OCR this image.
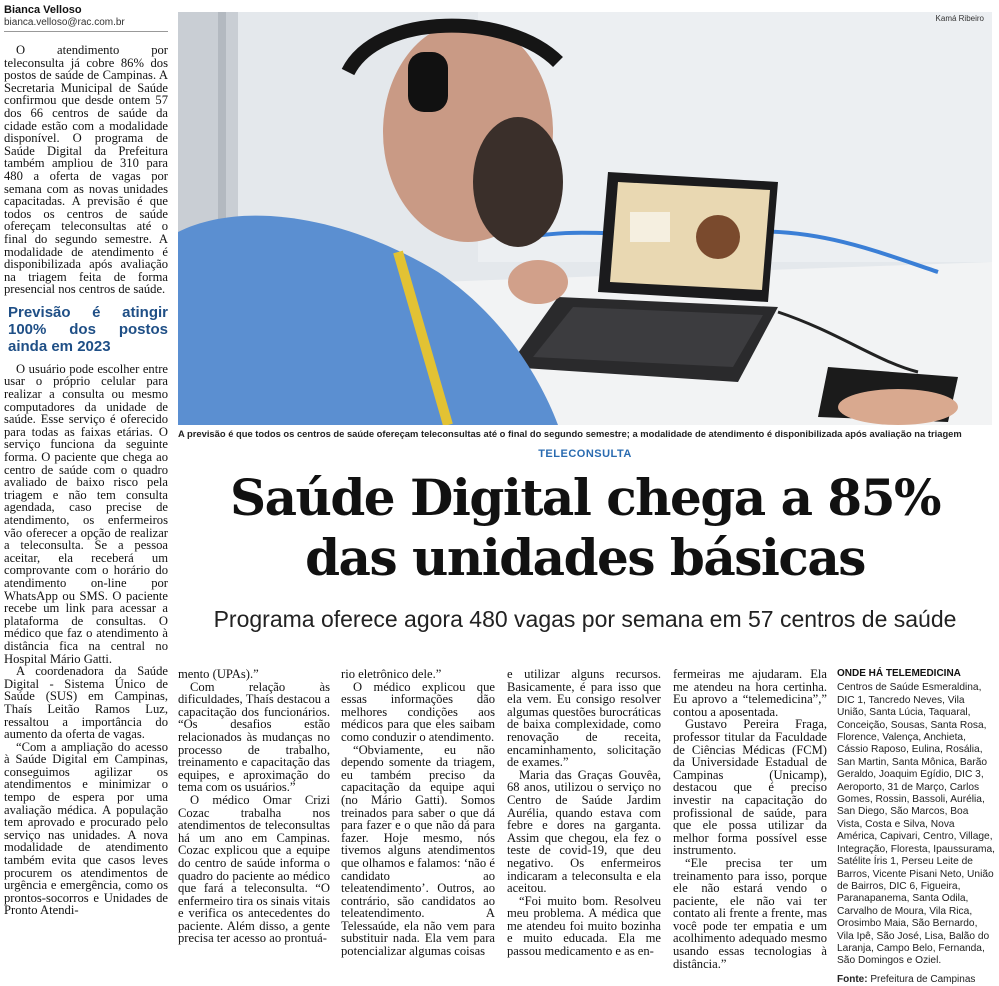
Bianca Velloso
bianca.velloso@rac.com.br

O atendimento por teleconsulta já cobre 86% dos postos de saúde de Campinas. A Secretaria Municipal de Saúde confirmou que desde ontem 57 dos 66 centros de saúde da cidade estão com a modalidade disponível. O programa de Saúde Digital da Prefeitura também ampliou de 310 para 480 a oferta de vagas por semana com as novas unidades capacitadas. A previsão é que todos os centros de saúde ofereçam teleconsultas até o final do segundo semestre. A modalidade de atendimento é disponibilizada após avaliação na triagem feita de forma presencial nos centros de saúde.

Previsão é atingir 100% dos postos ainda em 2023

O usuário pode escolher entre usar o próprio celular para realizar a consulta ou mesmo computadores da unidade de saúde. Esse serviço é oferecido para todas as faixas etárias. O serviço funciona da seguinte forma. O paciente que chega ao centro de saúde com o quadro avaliado de baixo risco pela triagem e não tem consulta agendada, caso precise de atendimento, os enfermeiros vão oferecer a opção de realizar a teleconsulta. Se a pessoa aceitar, ela receberá um comprovante com o horário do atendimento on-line por WhatsApp ou SMS. O paciente recebe um link para acessar a plataforma de consultas. O médico que faz o atendimento à distância fica na central no Hospital Mário Gatti.

A coordenadora da Saúde Digital - Sistema Único de Saúde (SUS) em Campinas, Thaís Leitão Ramos Luz, ressaltou a importância do aumento da oferta de vagas.

“Com a ampliação do acesso à Saúde Digital em Campinas, conseguimos agilizar os atendimentos e minimizar o tempo de espera por uma avaliação médica. A população tem aprovado e procurado pelo serviço nas unidades. A nova modalidade de atendimento também evita que casos leves procurem os atendimentos de urgência e emergência, como os prontos-socorros e Unidades de Pronto Atendi-

Kamá Ribeiro
A previsão é que todos os centros de saúde ofereçam teleconsultas até o final do segundo semestre; a modalidade de atendimento é disponibilizada após avaliação na triagem
TELECONSULTA
Saúde Digital chega a 85%
das unidades básicas
Programa oferece agora 480 vagas por semana em 57 centros de saúde

mento (UPAs).”

Com relação às dificuldades, Thaís destacou a capacitação dos funcionários. “Os desafios estão relacionados às mudanças no processo de trabalho, treinamento e capacitação das equipes, e aproximação do tema com os usuários.”

O médico Omar Crizi Cozac trabalha nos atendimentos de teleconsultas há um ano em Campinas. Cozac explicou que a equipe do centro de saúde informa o quadro do paciente ao médico que fará a teleconsulta. “O enfermeiro tira os sinais vitais e verifica os antecedentes do paciente. Além disso, a gente precisa ter acesso ao prontuá-

rio eletrônico dele.”

O médico explicou que essas informações dão melhores condições aos médicos para que eles saibam como conduzir o atendimento.

“Obviamente, eu não dependo somente da triagem, eu também preciso da capacitação da equipe aqui (no Mário Gatti). Somos treinados para saber o que dá para fazer e o que não dá para fazer. Hoje mesmo, nós tivemos alguns atendimentos que olhamos e falamos: ‘não é candidato ao teleatendimento’. Outros, ao contrário, são candidatos ao teleatendimento. A Telessaúde, ela não vem para substituir nada. Ela vem para potencializar algumas coisas

e utilizar alguns recursos. Basicamente, é para isso que ela vem. Eu consigo resolver algumas questões burocráticas de baixa complexidade, como renovação de receita, encaminhamento, solicitação de exames.”

Maria das Graças Gouvêa, 68 anos, utilizou o serviço no Centro de Saúde Jardim Aurélia, quando estava com febre e dores na garganta. Assim que chegou, ela fez o teste de covid-19, que deu negativo. Os enfermeiros indicaram a teleconsulta e ela aceitou.

“Foi muito bom. Resolveu meu problema. A médica que me atendeu foi muito bozinha e muito educada. Ela me passou medicamento e as en-

fermeiras me ajudaram. Ela me atendeu na hora certinha. Eu aprovo a “telemedicina”,” contou a aposentada.

Gustavo Pereira Fraga, professor titular da Faculdade de Ciências Médicas (FCM) da Universidade Estadual de Campinas (Unicamp), destacou que é preciso investir na capacitação do profissional de saúde, para que ele possa utilizar da melhor forma possível esse instrumento.

“Ele precisa ter um treinamento para isso, porque ele não estará vendo o paciente, ele não vai ter contato ali frente a frente, mas você pode ter empatia e um acolhimento adequado mesmo usando essas tecnologias à distância.”

ONDE HÁ TELEMEDICINA
Centros de Saúde Esmeraldina, DIC 1, Tancredo Neves, Vila União, Santa Lúcia, Taquaral, Conceição, Sousas, Santa Rosa, Florence, Valença, Anchieta, Cássio Raposo, Eulina, Rosália, San Martin, Santa Mônica, Barão Geraldo, Joaquim Egídio, DIC 3, Aeroporto, 31 de Março, Carlos Gomes, Rossin, Bassoli, Aurélia, San Diego, São Marcos, Boa Vista, Costa e Silva, Nova América, Capivari, Centro, Village, Integração, Floresta, Ipaussurama, Satélite Íris 1, Perseu Leite de Barros, Vicente Pisani Neto, União de Bairros, DIC 6, Figueira, Paranapanema, Santa Odila, Carvalho de Moura, Vila Rica, Orosimbo Maia, São Bernardo, Vila Ipê, São José, Lisa, Balão do Laranja, Campo Belo, Fernanda, São Domingos e Oziel.
Fonte: Prefeitura de Campinas
